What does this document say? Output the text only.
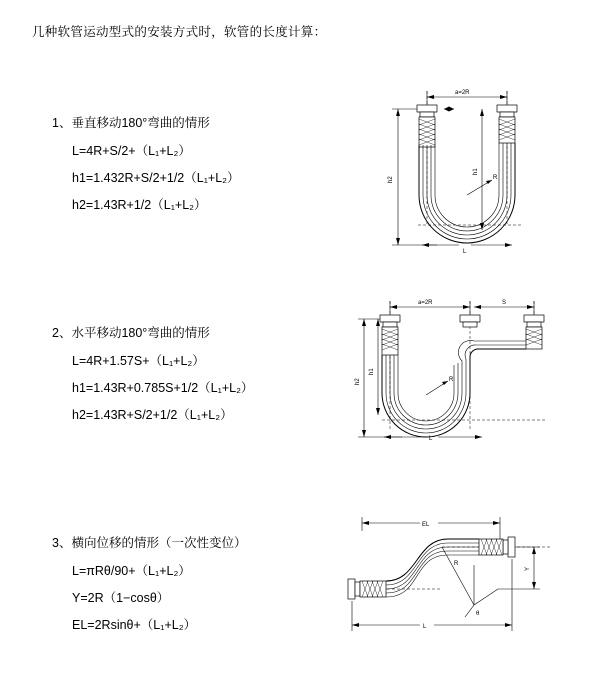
几种软管运动型式的安装方式时，软管的长度计算：
1、垂直移动180°弯曲的情形
L=4R+S/2+（L₁+L₂）
h1=1.432R+S/2+1/2（L₁+L₂）
h2=1.43R+1/2（L₁+L₂）
a=2R
h2
h1
R
L
2、水平移动180°弯曲的情形
L=4R+1.57S+（L₁+L₂）
h1=1.43R+0.785S+1/2（L₁+L₂）
h2=1.43R+S/2+1/2（L₁+L₂）
a=2R	S
h2
h1
R
L
3、横向位移的情形（一次性变位）
L=πRθ/90+（L₁+L₂）
Y=2R（1−cosθ）
EL=2Rsinθ+（L₁+L₂）
EL
Y
R
θ
L
